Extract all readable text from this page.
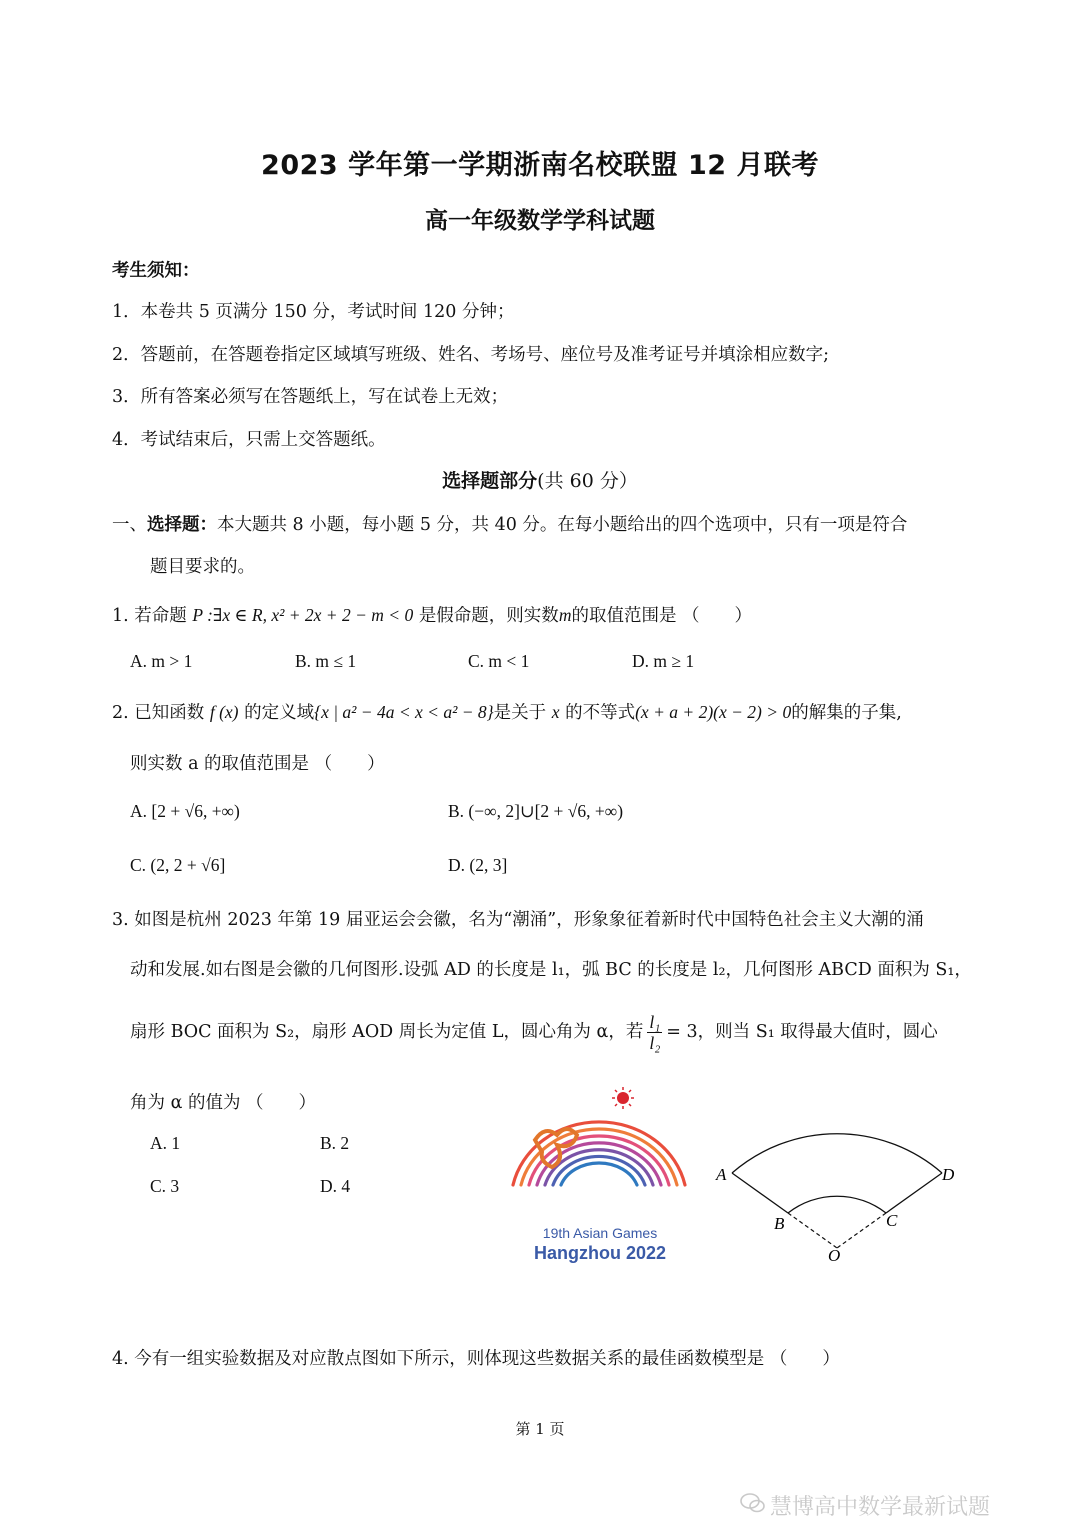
2023 学年第一学期浙南名校联盟 12 月联考
高一年级数学学科试题
考生须知：
1．本卷共 5 页满分 150 分，考试时间 120 分钟；
2．答题前，在答题卷指定区域填写班级、姓名、考场号、座位号及准考证号并填涂相应数字;
3．所有答案必须写在答题纸上，写在试卷上无效；
4．考试结束后，只需上交答题纸。
选择题部分(共 60 分）
一、选择题：本大题共 8 小题，每小题 5 分，共 40 分。在每小题给出的四个选项中，只有一项是符合
题目要求的。
1. 若命题 P :∃x ∈ R, x² + 2x + 2 − m < 0 是假命题，则实数m的取值范围是 （　　）
A. m > 1	B. m ≤ 1	C. m < 1	D. m ≥ 1
2. 已知函数 f (x) 的定义域{x | a² − 4a < x < a² − 8}是关于 x 的不等式(x + a + 2)(x − 2) > 0的解集的子集,
则实数 a 的取值范围是 （　　）
A. [2 + √6, +∞)	B. (−∞, 2]∪[2 + √6, +∞)
C. (2, 2 + √6]	D. (2, 3]
3. 如图是杭州 2023 年第 19 届亚运会会徽，名为“潮涌”，形象象征着新时代中国特色社会主义大潮的涌
动和发展.如右图是会徽的几何图形.设弧 AD 的长度是 l₁，弧 BC 的长度是 l₂，几何图形 ABCD 面积为 S₁，
扇形 BOC 面积为 S₂，扇形 AOD 周长为定值 L，圆心角为 α，若 $\frac{\text{l₁}}{\text{l₂}} = 3$，则当 S₁ 取得最大值时，圆心
角为 α 的值为 （　　）
A. 1	B. 2
C. 3	D. 4
19th Asian Games
Hangzhou 2022
A
B	C
D
O
4. 今有一组实验数据及对应散点图如下所示，则体现这些数据关系的最佳函数模型是 （　　）
第 1 页
慧博高中数学最新试题
